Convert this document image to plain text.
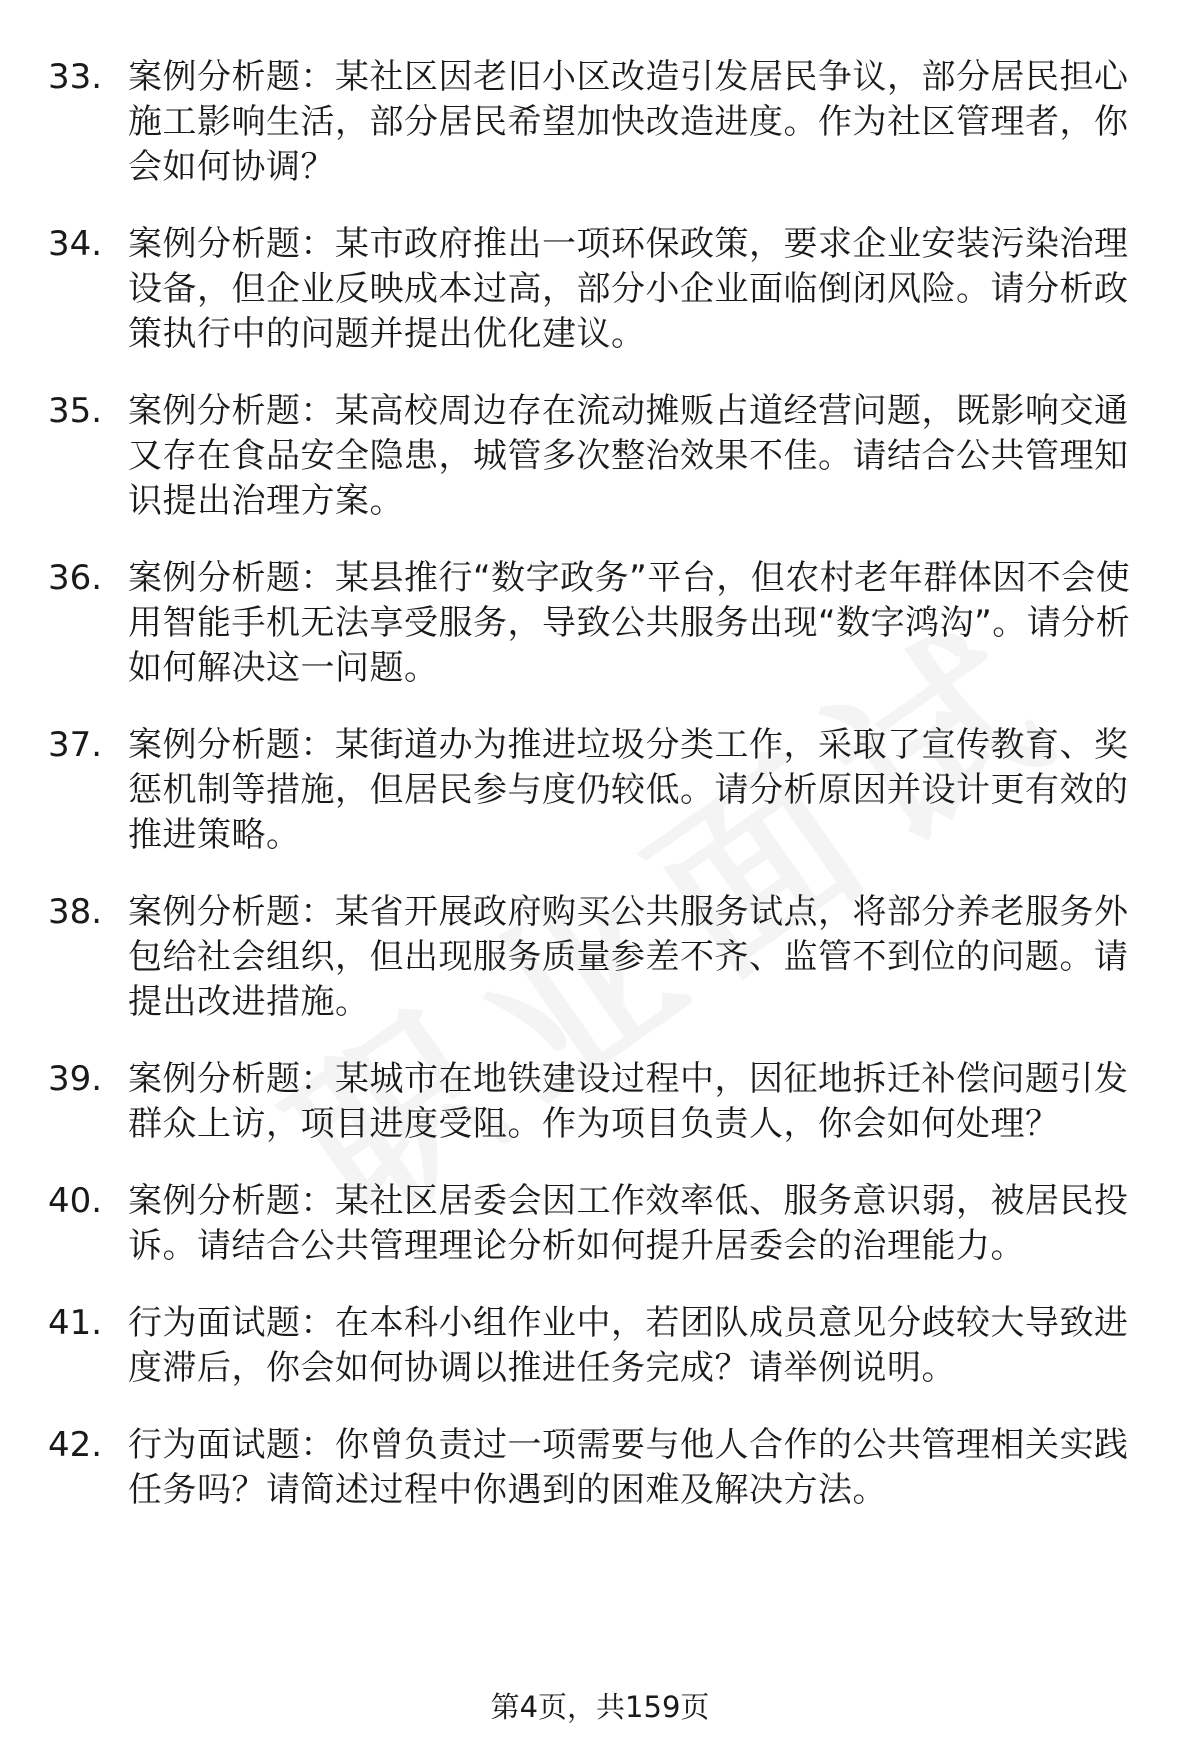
33. 案例分析题：某社区因老旧小区改造引发居民争议，部分居民担心施工影响生活，部分居民希望加快改造进度。作为社区管理者，你会如何协调？
34. 案例分析题：某市政府推出一项环保政策，要求企业安装污染治理设备，但企业反映成本过高，部分小企业面临倒闭风险。请分析政策执行中的问题并提出优化建议。
35. 案例分析题：某高校周边存在流动摊贩占道经营问题，既影响交通又存在食品安全隐患，城管多次整治效果不佳。请结合公共管理知识提出治理方案。
36. 案例分析题：某县推行“数字政务”平台，但农村老年群体因不会使用智能手机无法享受服务，导致公共服务出现“数字鸿沟”。请分析如何解决这一问题。
37. 案例分析题：某街道办为推进垃圾分类工作，采取了宣传教育、奖惩机制等措施，但居民参与度仍较低。请分析原因并设计更有效的推进策略。
38. 案例分析题：某省开展政府购买公共服务试点，将部分养老服务外包给社会组织，但出现服务质量参差不齐、监管不到位的问题。请提出改进措施。
39. 案例分析题：某城市在地铁建设过程中，因征地拆迁补偿问题引发群众上访，项目进度受阻。作为项目负责人，你会如何处理？
40. 案例分析题：某社区居委会因工作效率低、服务意识弱，被居民投诉。请结合公共管理理论分析如何提升居委会的治理能力。
41. 行为面试题：在本科小组作业中，若团队成员意见分歧较大导致进度滞后，你会如何协调以推进任务完成？请举例说明。
42. 行为面试题：你曾负责过一项需要与他人合作的公共管理相关实践任务吗？请简述过程中你遇到的困难及解决方法。
第4页，共159页
